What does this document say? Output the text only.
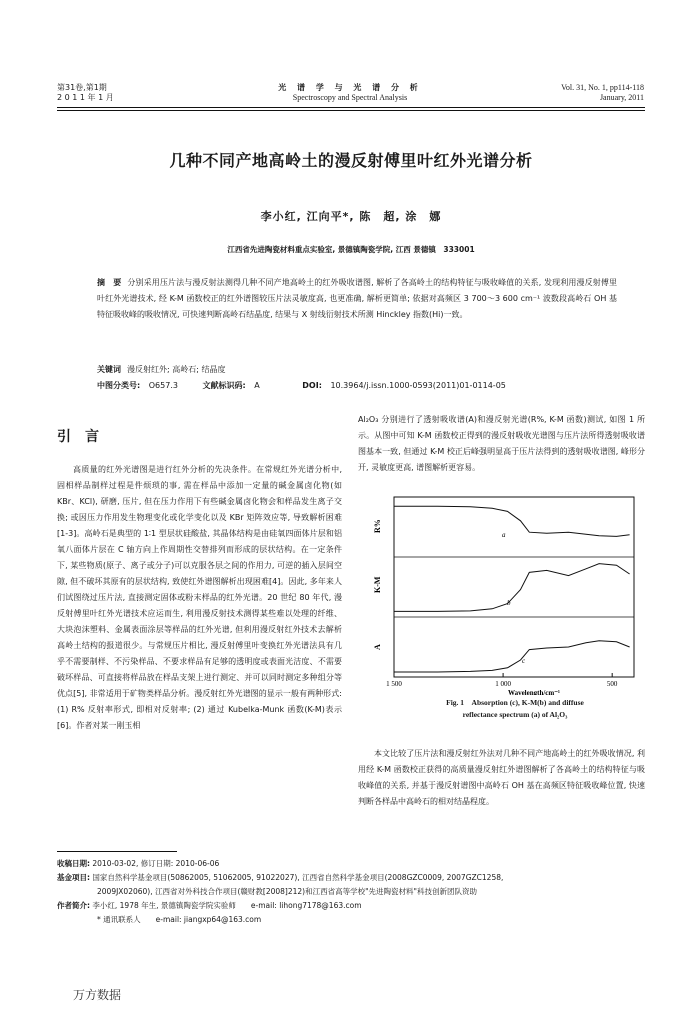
第31卷,第1期
2 0 1 1 年 1 月
光 谱 学 与 光 谱 分 析
Spectroscopy and Spectral Analysis
Vol. 31, No. 1, pp114-118
January, 2011
几种不同产地高岭土的漫反射傅里叶红外光谱分析
李小红, 江向平*, 陈　超, 涂　娜
江西省先进陶瓷材料重点实验室, 景德镇陶瓷学院, 江西 景德镇　333001
摘　要 分别采用压片法与漫反射法测得几种不同产地高岭土的红外吸收谱图, 解析了各高岭土的结构特征与吸收峰值的关系, 发现利用漫反射傅里叶红外光谱技术, 经 K-M 函数校正的红外谱图较压片法灵敏度高, 也更准确, 解析更简单; 依据对高频区 3 700～3 600 cm⁻¹ 波数段高岭石 OH 基特征吸收峰的吸收情况, 可快速判断高岭石结晶度, 结果与 X 射线衍射技术所测 Hinckley 指数(Hi)一致。
关键词 漫反射红外; 高岭石; 结晶度
中图分类号: O657.3	文献标识码: A	DOI: 10.3964/j.issn.1000-0593(2011)01-0114-05
引言
高质量的红外光谱图是进行红外分析的先决条件。在常规红外光谱分析中, 固相样品制样过程是件烦琐的事, 需在样品中添加一定量的碱金属卤化物(如 KBr、KCl), 研磨, 压片, 但在压力作用下有些碱金属卤化物会和样品发生离子交换; 或因压力作用发生物理变化或化学变化以及 KBr 矩阵效应等, 导致解析困难[1-3]。高岭石是典型的 1∶1 型层状硅酸盐, 其晶体结构是由硅氧四面体片层和铝氧八面体片层在 C 轴方向上作周期性交替排列而形成的层状结构。在一定条件下, 某些物质(原子、离子或分子)可以克服各层之间的作用力, 可逆的插入层间空隙, 但不破坏其原有的层状结构, 致使红外谱图解析出现困难[4]。因此, 多年来人们试图绕过压片法, 直接测定固体或粉末样品的红外光谱。20 世纪 80 年代, 漫反射傅里叶红外光谱技术应运而生, 利用漫反射技术测得某些难以处理的纤维、大块泡沫塑料、金属表面涂层等样品的红外光谱, 但利用漫反射红外技术去解析高岭土结构的报道很少。与常规压片相比, 漫反射傅里叶变换红外光谱法具有几乎不需要制样、不污染样品、不要求样品有足够的透明度或表面光洁度、不需要破坏样品、可直接将样品放在样品支架上进行测定、并可以同时测定多种组分等优点[5], 非常适用于矿物类样品分析。漫反射红外光谱图的显示一般有两种形式: (1) R% 反射率形式, 即相对反射率; (2) 通过 Kubelka-Munk 函数(K-M)表示[6]。作者对某一刚玉相
Al₂O₃ 分别进行了透射吸收谱(A)和漫反射光谱(R%, K-M 函数)测试, 如图 1 所示。从图中可知 K-M 函数校正得到的漫反射吸收光谱图与压片法所得透射吸收谱图基本一致, 但通过 K-M 校正后峰强明显高于压片法得到的透射吸收谱图, 峰形分开, 灵敏度更高, 谱图解析更容易。
R%
K-M
A
a
b
c
1 500	1 000	500
Wavelength/cm⁻¹
Fig. 1　Absorption (c), K-M(b) and diffuse
reflectance spectrum (a) of Al₂O₃
本文比较了压片法和漫反射红外法对几种不同产地高岭土的红外吸收情况, 利用经 K-M 函数校正获得的高质量漫反射红外谱图解析了各高岭土的结构特征与吸收峰值的关系, 并基于漫反射谱图中高岭石 OH 基在高频区特征吸收峰位置, 快速判断各样品中高岭石的相对结晶程度。
收稿日期: 2010-03-02, 修订日期: 2010-06-06
基金项目: 国家自然科学基金项目(50862005, 51062005, 91022027), 江西省自然科学基金项目(2008GZC0009, 2007GZC1258,
2009JX02060), 江西省对外科技合作项目(赣财教[2008]212)和江西省高等学校"先进陶瓷材料"科技创新团队资助
作者简介: 李小红, 1978 年生, 景德镇陶瓷学院实验师　　e-mail: lihong7178@163.com
* 通讯联系人　　e-mail: jiangxp64@163.com
万方数据
